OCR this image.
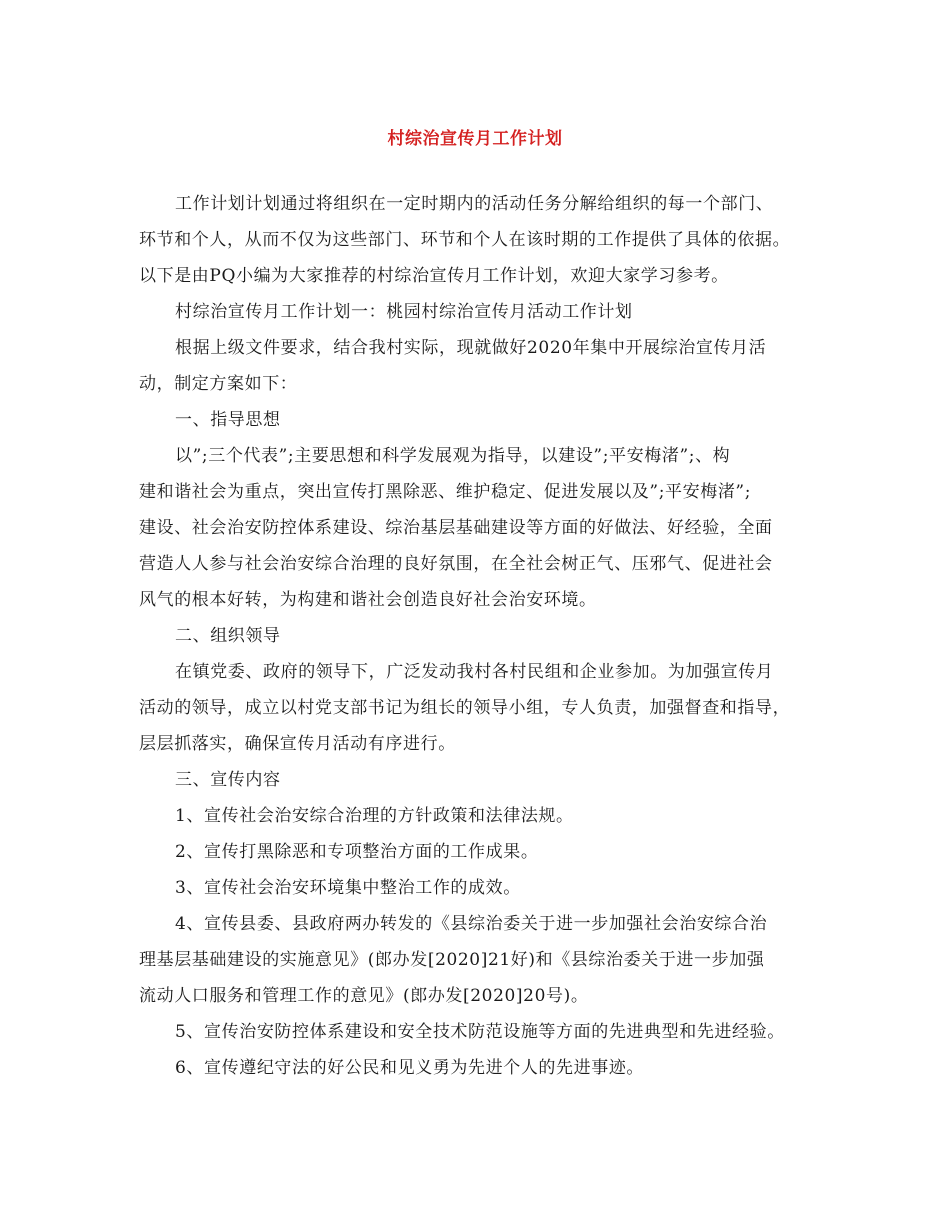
村综治宣传月工作计划

工作计划计划通过将组织在一定时期内的活动任务分解给组织的每一个部门、
环节和个人，从而不仅为这些部门、环节和个人在该时期的工作提供了具体的依据。
以下是由PQ小编为大家推荐的村综治宣传月工作计划，欢迎大家学习参考。

村综治宣传月工作计划一：桃园村综治宣传月活动工作计划

根据上级文件要求，结合我村实际，现就做好2020年集中开展综治宣传月活
动，制定方案如下：

一、指导思想

以”;三个代表”;主要思想和科学发展观为指导，以建设”;平安梅渚”;、构
建和谐社会为重点，突出宣传打黑除恶、维护稳定、促进发展以及”;平安梅渚”;
建设、社会治安防控体系建设、综治基层基础建设等方面的好做法、好经验，全面
营造人人参与社会治安综合治理的良好氛围，在全社会树正气、压邪气、促进社会
风气的根本好转，为构建和谐社会创造良好社会治安环境。

二、组织领导

在镇党委、政府的领导下，广泛发动我村各村民组和企业参加。为加强宣传月
活动的领导，成立以村党支部书记为组长的领导小组，专人负责，加强督查和指导，
层层抓落实，确保宣传月活动有序进行。

三、宣传内容

1、宣传社会治安综合治理的方针政策和法律法规。

2、宣传打黑除恶和专项整治方面的工作成果。

3、宣传社会治安环境集中整治工作的成效。

4、宣传县委、县政府两办转发的《县综治委关于进一步加强社会治安综合治
理基层基础建设的实施意见》(郎办发[2020]21好)和《县综治委关于进一步加强
流动人口服务和管理工作的意见》(郎办发[2020]20号)。

5、宣传治安防控体系建设和安全技术防范设施等方面的先进典型和先进经验。

6、宣传遵纪守法的好公民和见义勇为先进个人的先进事迹。
